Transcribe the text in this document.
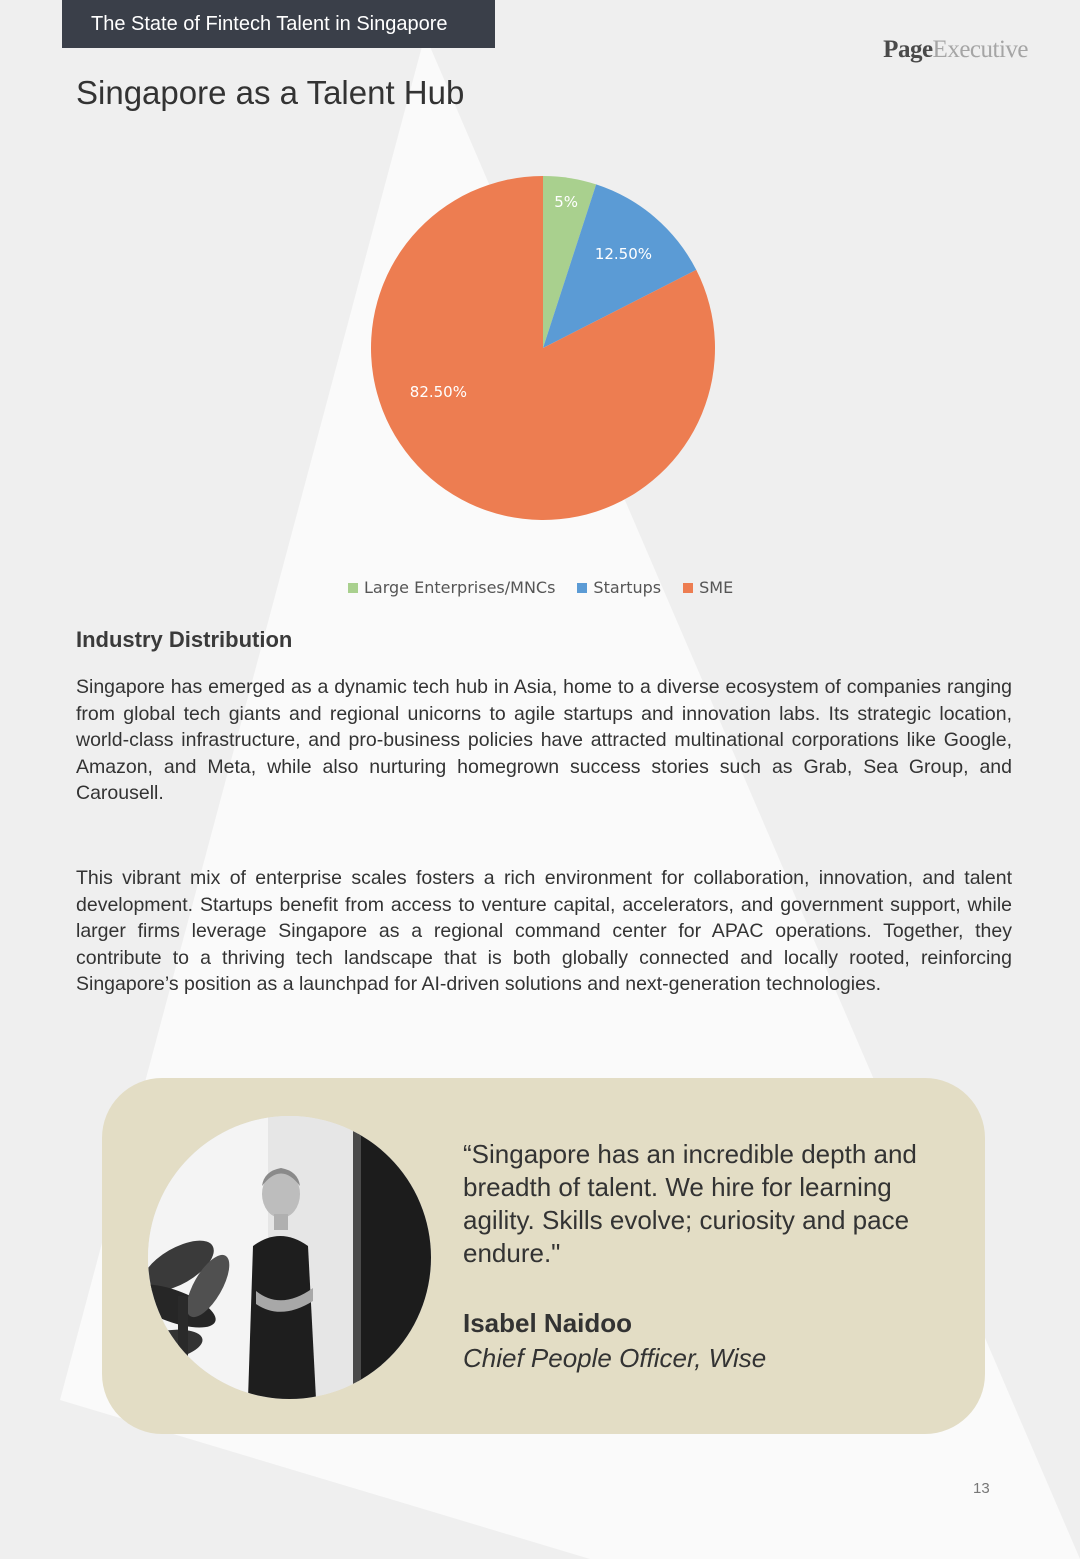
The State of Fintech Talent in Singapore
PageExecutive
Singapore as a Talent Hub
5%
12.50%
82.50%
Large Enterprises/MNCs Startups SME
Industry Distribution

Singapore has emerged as a dynamic tech hub in Asia, home to a diverse ecosystem of companies ranging from global tech giants and regional unicorns to agile startups and innovation labs. Its strategic location, world-class infrastructure, and pro-business policies have attracted multinational corporations like Google, Amazon, and Meta, while also nurturing homegrown success stories such as Grab, Sea Group, and Carousell.

This vibrant mix of enterprise scales fosters a rich environment for collaboration, innovation, and talent development. Startups benefit from access to venture capital, accelerators, and government support, while larger firms leverage Singapore as a regional command center for APAC operations. Together, they contribute to a thriving tech landscape that is both globally connected and locally rooted, reinforcing Singapore’s position as a launchpad for AI-driven solutions and next-generation technologies.

“Singapore has an incredible depth and breadth of talent. We hire for learning agility. Skills evolve; curiosity and pace endure."

Isabel Naidoo
Chief People Officer, Wise
13
